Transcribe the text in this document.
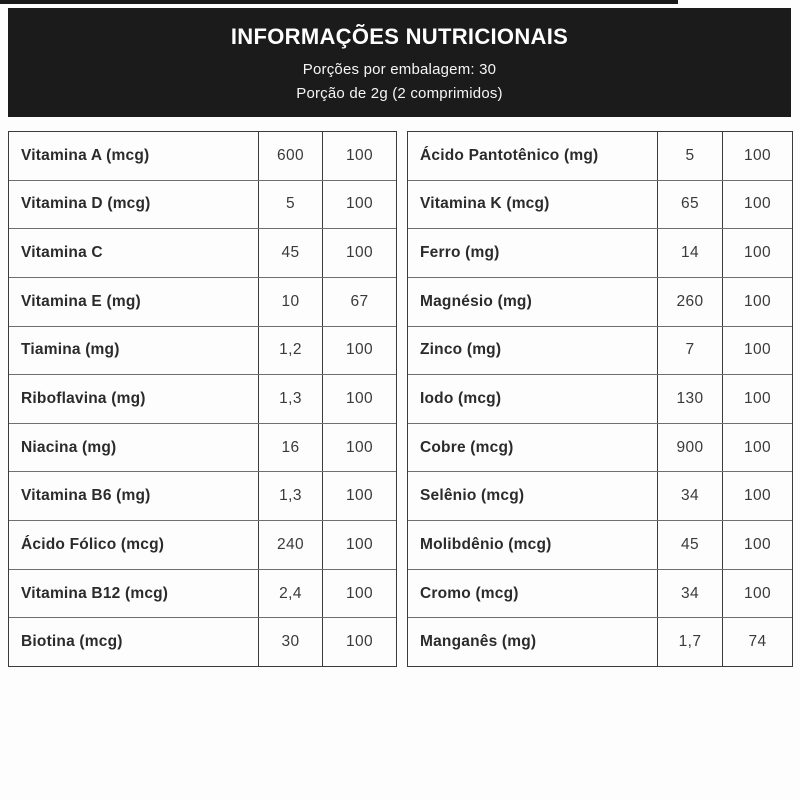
INFORMAÇÕES NUTRICIONAIS
Porções por embalagem: 30
Porção de 2g (2 comprimidos)
Vitamina A (mcg)	600	100
Vitamina D (mcg)	5	100
Vitamina C	45	100
Vitamina E (mg)	10	67
Tiamina (mg)	1,2	100
Riboflavina (mg)	1,3	100
Niacina (mg)	16	100
Vitamina B6 (mg)	1,3	100
Ácido Fólico (mcg)	240	100
Vitamina B12 (mcg)	2,4	100
Biotina (mcg)	30	100
Ácido Pantotênico (mg)	5	100
Vitamina K (mcg)	65	100
Ferro (mg)	14	100
Magnésio (mg)	260	100
Zinco (mg)	7	100
Iodo (mcg)	130	100
Cobre (mcg)	900	100
Selênio (mcg)	34	100
Molibdênio (mcg)	45	100
Cromo (mcg)	34	100
Manganês (mg)	1,7	74
